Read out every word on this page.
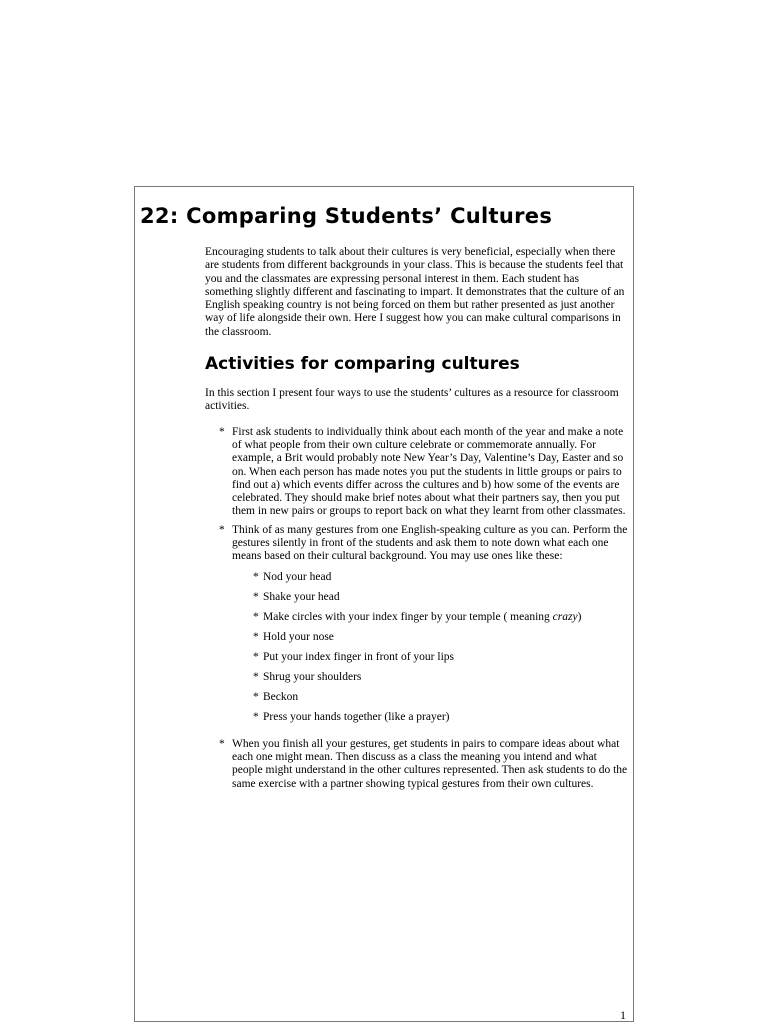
22: Comparing Students’ Cultures

Encouraging students to talk about their cultures is very beneficial, especially when there are students from different backgrounds in your class. This is because the students feel that you and the classmates are expressing personal interest in them. Each student has something slightly different and fascinating to impart. It demonstrates that the culture of an English speaking country is not being forced on them but rather presented as just another way of life alongside their own. Here I suggest how you can make cultural comparisons in the classroom.

Activities for comparing cultures

In this section I present four ways to use the students’ cultures as a resource for classroom activities.

* First ask students to individually think about each month of the year and make a note of what people from their own culture celebrate or commemorate annually. For example, a Brit would probably note New Year’s Day, Valentine’s Day, Easter and so on. When each person has made notes you put the students in little groups or pairs to find out a) which events differ across the cultures and b) how some of the events are celebrated. They should make brief notes about what their partners say, then you put them in new pairs or groups to report back on what they learnt from other classmates.
* Think of as many gestures from one English-speaking culture as you can. Perform the gestures silently in front of the students and ask them to note down what each one means based on their cultural background. You may use ones like these:
* Nod your head
* Shake your head
* Make circles with your index finger by your temple ( meaning crazy)
* Hold your nose
* Put your index finger in front of your lips
* Shrug your shoulders
* Beckon
* Press your hands together (like a prayer)
* When you finish all your gestures, get students in pairs to compare ideas about what each one might mean. Then discuss as a class the meaning you intend and what people might understand in the other cultures represented. Then ask students to do the same exercise with a partner showing typical gestures from their own cultures.
1
